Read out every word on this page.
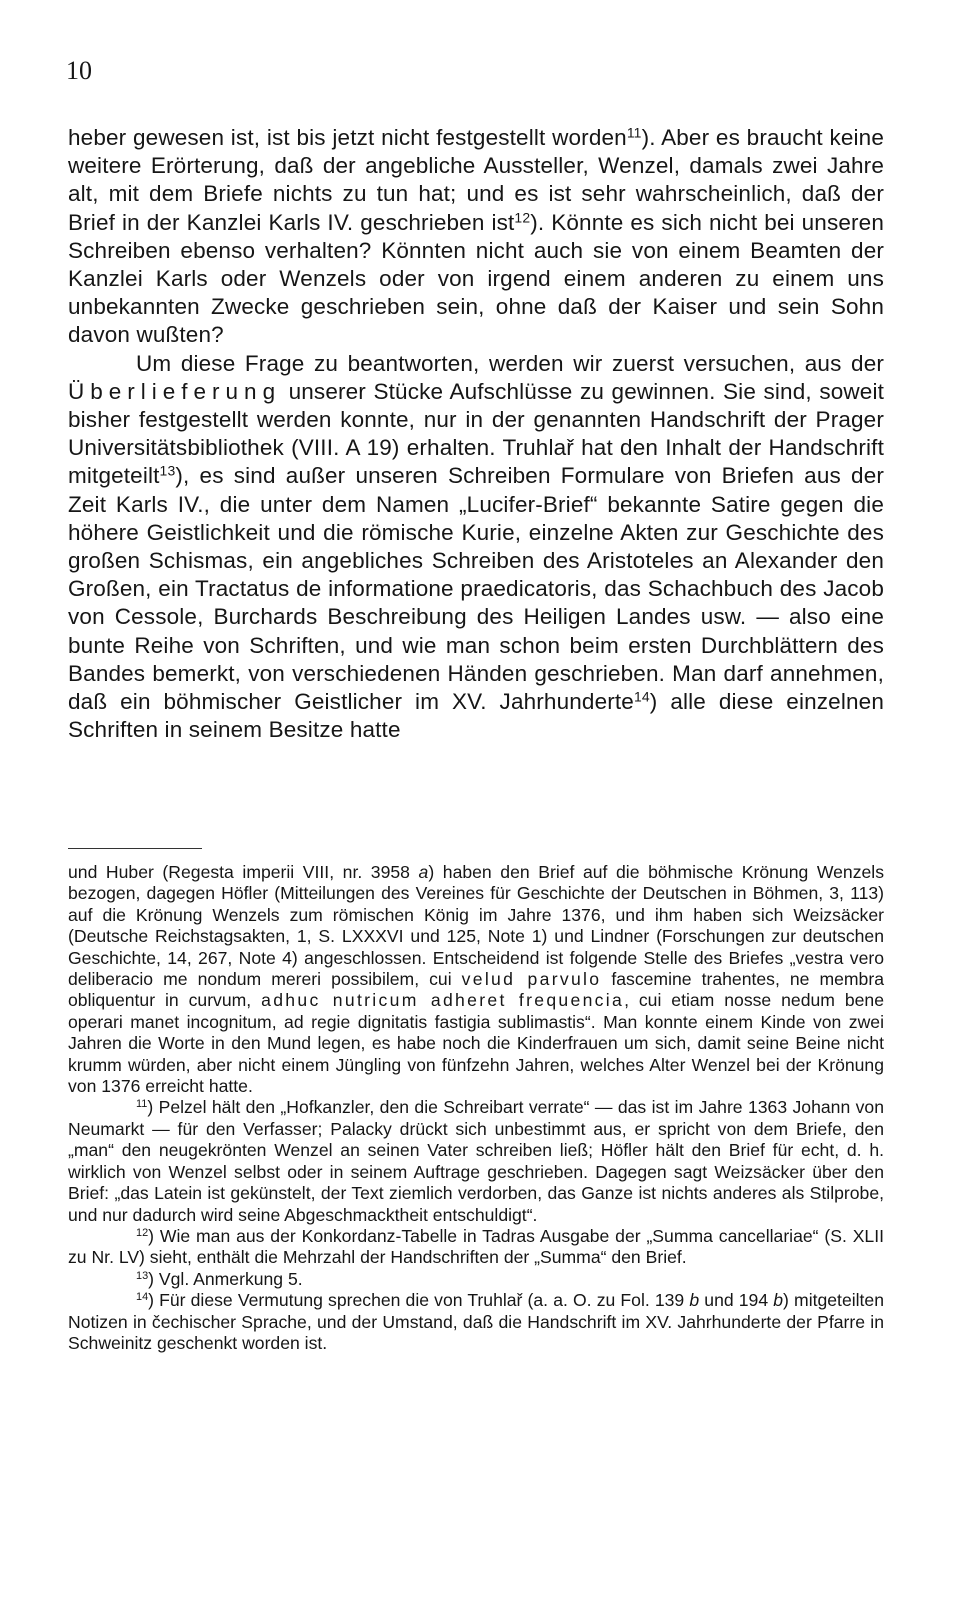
10

heber gewesen ist, ist bis jetzt nicht festgestellt worden$^{11}$). Aber es braucht keine weitere Erörterung, daß der angebliche Aussteller, Wenzel, damals zwei Jahre alt, mit dem Briefe nichts zu tun hat; und es ist sehr wahrscheinlich, daß der Brief in der Kanzlei Karls IV. geschrieben ist$^{12}$). Könnte es sich nicht bei unseren Schreiben ebenso verhalten? Könnten nicht auch sie von einem Beamten der Kanzlei Karls oder Wenzels oder von irgend einem anderen zu einem uns unbekannten Zwecke geschrieben sein, ohne daß der Kaiser und sein Sohn davon wußten?

Um diese Frage zu beantworten, werden wir zuerst versuchen, aus der Überlieferung unserer Stücke Aufschlüsse zu gewinnen. Sie sind, soweit bisher festgestellt werden konnte, nur in der genannten Handschrift der Prager Universitätsbibliothek (VIII. A 19) erhalten. Truhlař hat den Inhalt der Handschrift mitgeteilt$^{13}$), es sind außer unseren Schreiben Formulare von Briefen aus der Zeit Karls IV., die unter dem Namen „Lucifer-Brief“ bekannte Satire gegen die höhere Geistlichkeit und die römische Kurie, einzelne Akten zur Geschichte des großen Schismas, ein angebliches Schreiben des Aristoteles an Alexander den Großen, ein Tractatus de informatione praedicatoris, das Schachbuch des Jacob von Cessole, Burchards Beschreibung des Heiligen Landes usw. — also eine bunte Reihe von Schriften, und wie man schon beim ersten Durchblättern des Bandes bemerkt, von verschiedenen Händen geschrieben. Man darf annehmen, daß ein böhmischer Geistlicher im XV. Jahrhunderte$^{14}$) alle diese einzelnen Schriften in seinem Besitze hatte

und Huber (Regesta imperii VIII, nr. 3958 a) haben den Brief auf die böhmische Krönung Wenzels bezogen, dagegen Höfler (Mitteilungen des Vereines für Geschichte der Deutschen in Böhmen, 3, 113) auf die Krönung Wenzels zum römischen König im Jahre 1376, und ihm haben sich Weizsäcker (Deutsche Reichstagsakten, 1, S. LXXXVI und 125, Note 1) und Lindner (Forschungen zur deutschen Geschichte, 14, 267, Note 4) angeschlossen. Entscheidend ist folgende Stelle des Briefes „vestra vero deliberacio me nondum mereri possibilem, cui velud parvulo fascemine trahentes, ne membra obliquentur in curvum, adhuc nutricum adheret frequencia, cui etiam nosse nedum bene operari manet incognitum, ad regie dignitatis fastigia sublimastis“. Man konnte einem Kinde von zwei Jahren die Worte in den Mund legen, es habe noch die Kinderfrauen um sich, damit seine Beine nicht krumm würden, aber nicht einem Jüngling von fünfzehn Jahren, welches Alter Wenzel bei der Krönung von 1376 erreicht hatte.

$^{11}$) Pelzel hält den „Hofkanzler, den die Schreibart verrate“ — das ist im Jahre 1363 Johann von Neumarkt — für den Verfasser; Palacky drückt sich unbestimmt aus, er spricht von dem Briefe, den „man“ den neugekrönten Wenzel an seinen Vater schreiben ließ; Höfler hält den Brief für echt, d. h. wirklich von Wenzel selbst oder in seinem Auftrage geschrieben. Dagegen sagt Weizsäcker über den Brief: „das Latein ist gekünstelt, der Text ziemlich verdorben, das Ganze ist nichts anderes als Stilprobe, und nur dadurch wird seine Abgeschmacktheit entschuldigt“.

$^{12}$) Wie man aus der Konkordanz-Tabelle in Tadras Ausgabe der „Summa cancellariae“ (S. XLII zu Nr. LV) sieht, enthält die Mehrzahl der Handschriften der „Summa“ den Brief.

$^{13}$) Vgl. Anmerkung 5.

$^{14}$) Für diese Vermutung sprechen die von Truhlař (a. a. O. zu Fol. 139 b und 194 b) mitgeteilten Notizen in čechischer Sprache, und der Umstand, daß die Handschrift im XV. Jahrhunderte der Pfarre in Schweinitz geschenkt worden ist.
